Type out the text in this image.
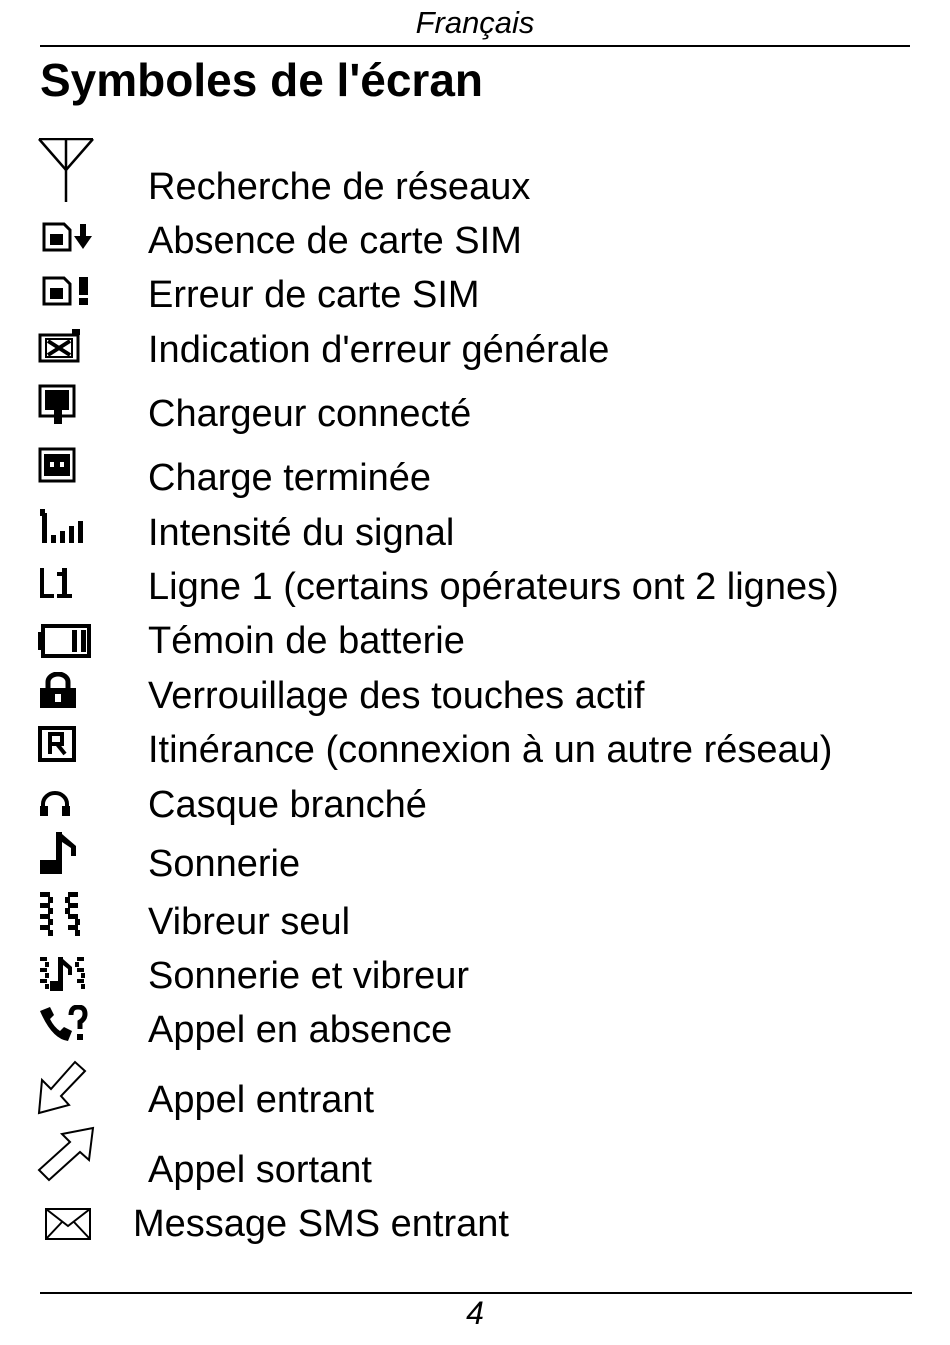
Français
Symboles de l'écran
Recherche de réseaux
Absence de carte SIM
Erreur de carte SIM
Indication d'erreur générale
Chargeur connecté
Charge terminée
Intensité du signal
Ligne 1 (certains opérateurs ont 2 lignes)
Témoin de batterie
Verrouillage des touches actif
Itinérance (connexion à un autre réseau)
Casque branché
Sonnerie
Vibreur seul
Sonnerie et vibreur
Appel en absence
Appel entrant
Appel sortant
Message SMS entrant
4
